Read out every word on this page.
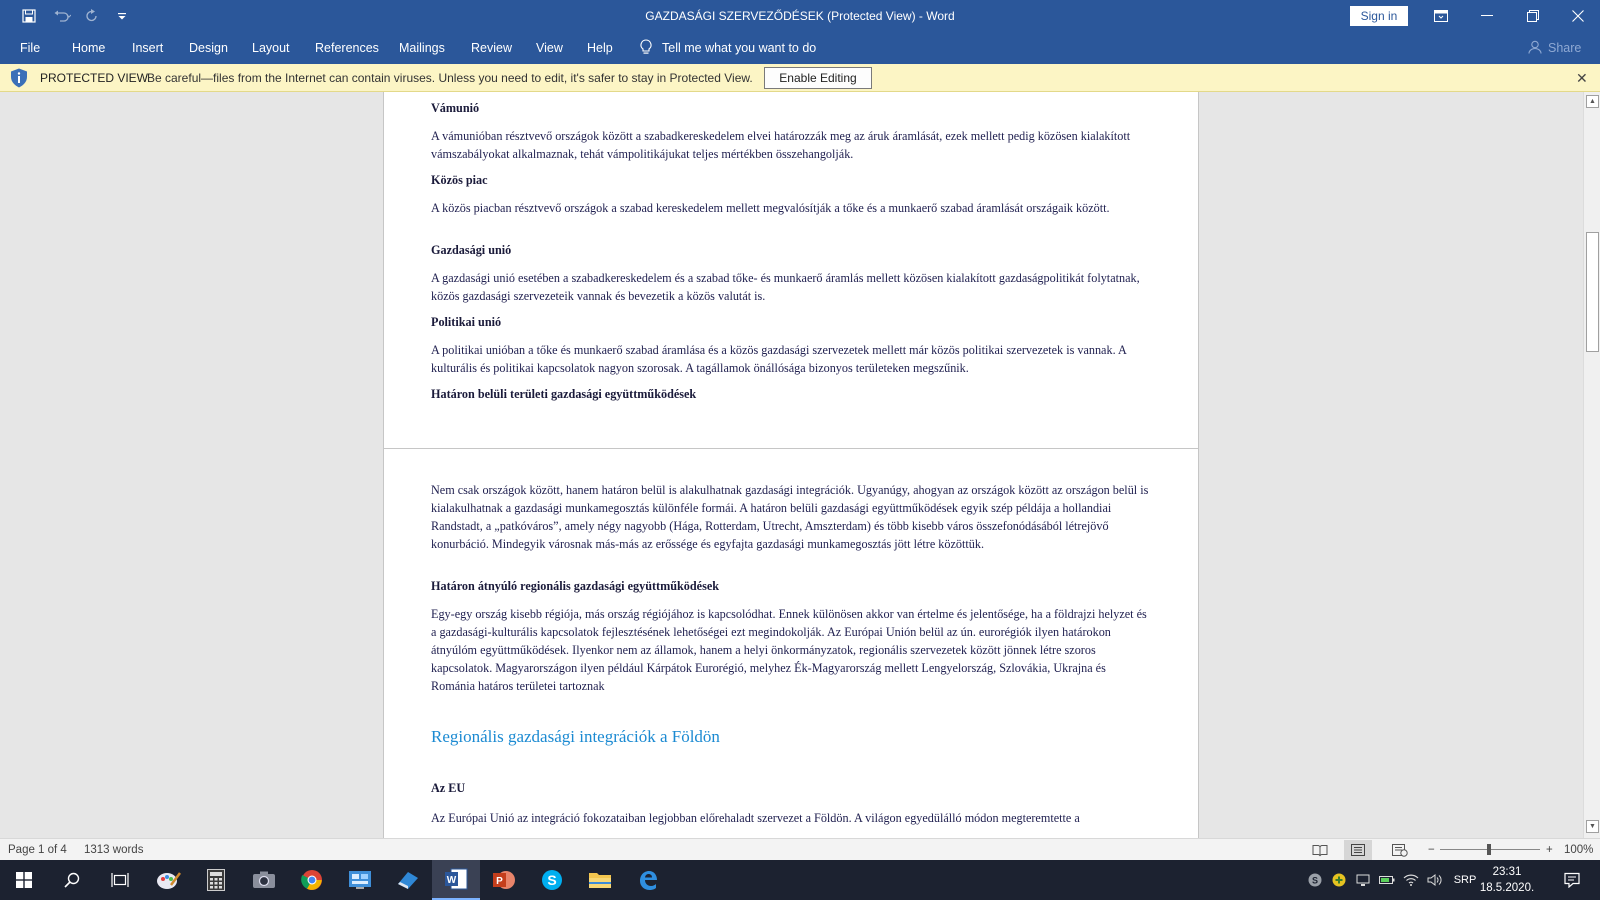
GAZDASÁGI SZERVEZŐDÉSEK (Protected View) - Word	Sign in
File	Home Insert Design Layout References Mailings Review View Help	Tell me what you want to do	Share
PROTECTED VIEW
Be careful—files from the Internet can contain viruses. Unless you need to edit, it's safer to stay in Protected View.	Enable Editing	✕
Vámunió
A vámunióban résztvevő országok között a szabadkereskedelem elvei határozzák meg az áruk áramlását, ezek mellett pedig közösen kialakított vámszabályokat alkalmaznak, tehát vámpolitikájukat teljes mértékben összehangolják.
Közös piac
A közös piacban résztvevő országok a szabad kereskedelem mellett megvalósítják a tőke és a munkaerő szabad áramlását országaik között.
Gazdasági unió
A gazdasági unió esetében a szabadkereskedelem és a szabad tőke- és munkaerő áramlás mellett közösen kialakított gazdaságpolitikát folytatnak, közös gazdasági szervezeteik vannak és bevezetik a közös valutát is.
Politikai unió
A politikai unióban a tőke és munkaerő szabad áramlása és a közös gazdasági szervezetek mellett már közös politikai szervezetek is vannak. A kulturális és politikai kapcsolatok nagyon szorosak. A tagállamok önállósága bizonyos területeken megszűnik.
Határon belüli területi gazdasági együttműködések
Nem csak országok között, hanem határon belül is alakulhatnak gazdasági integrációk. Ugyanúgy, ahogyan az országok között az országon belül is kialakulhatnak a gazdasági munkamegosztás különféle formái. A határon belüli gazdasági együttműködések egyik szép példája a hollandiai Randstadt, a „patkóváros”, amely négy nagyobb (Hága, Rotterdam, Utrecht, Amszterdam) és több kisebb város összefonódásából létrejövő konurbáció. Mindegyik városnak más-más az erőssége és egyfajta gazdasági munkamegosztás jött létre közöttük.
Határon átnyúló regionális gazdasági együttműködések
Egy-egy ország kisebb régiója, más ország régiójához is kapcsolódhat. Ennek különösen akkor van értelme és jelentősége, ha a földrajzi helyzet és a gazdasági-kulturális kapcsolatok fejlesztésének lehetőségei ezt megindokolják. Az Európai Unión belül az ún. eurorégiók ilyen határokon átnyúlóm együttműködések. Ilyenkor nem az államok, hanem a helyi önkormányzatok, regionális szervezetek között jönnek létre szoros kapcsolatok. Magyarországon ilyen például Kárpátok Eurorégió, melyhez Ék-Magyarország mellett Lengyelország, Szlovákia, Ukrajna és Románia határos területei tartoznak
Regionális gazdasági integrációk a Földön
Az EU
Az Európai Unió az integráció fokozataiban legjobban előrehaladt szervezet a Földön. A világon egyedülálló módon megteremtette a
▲
▼
Page 1 of 4 1313 words	−	+ 100%
W	P	S	S	SRP
23:31
18.5.2020.
